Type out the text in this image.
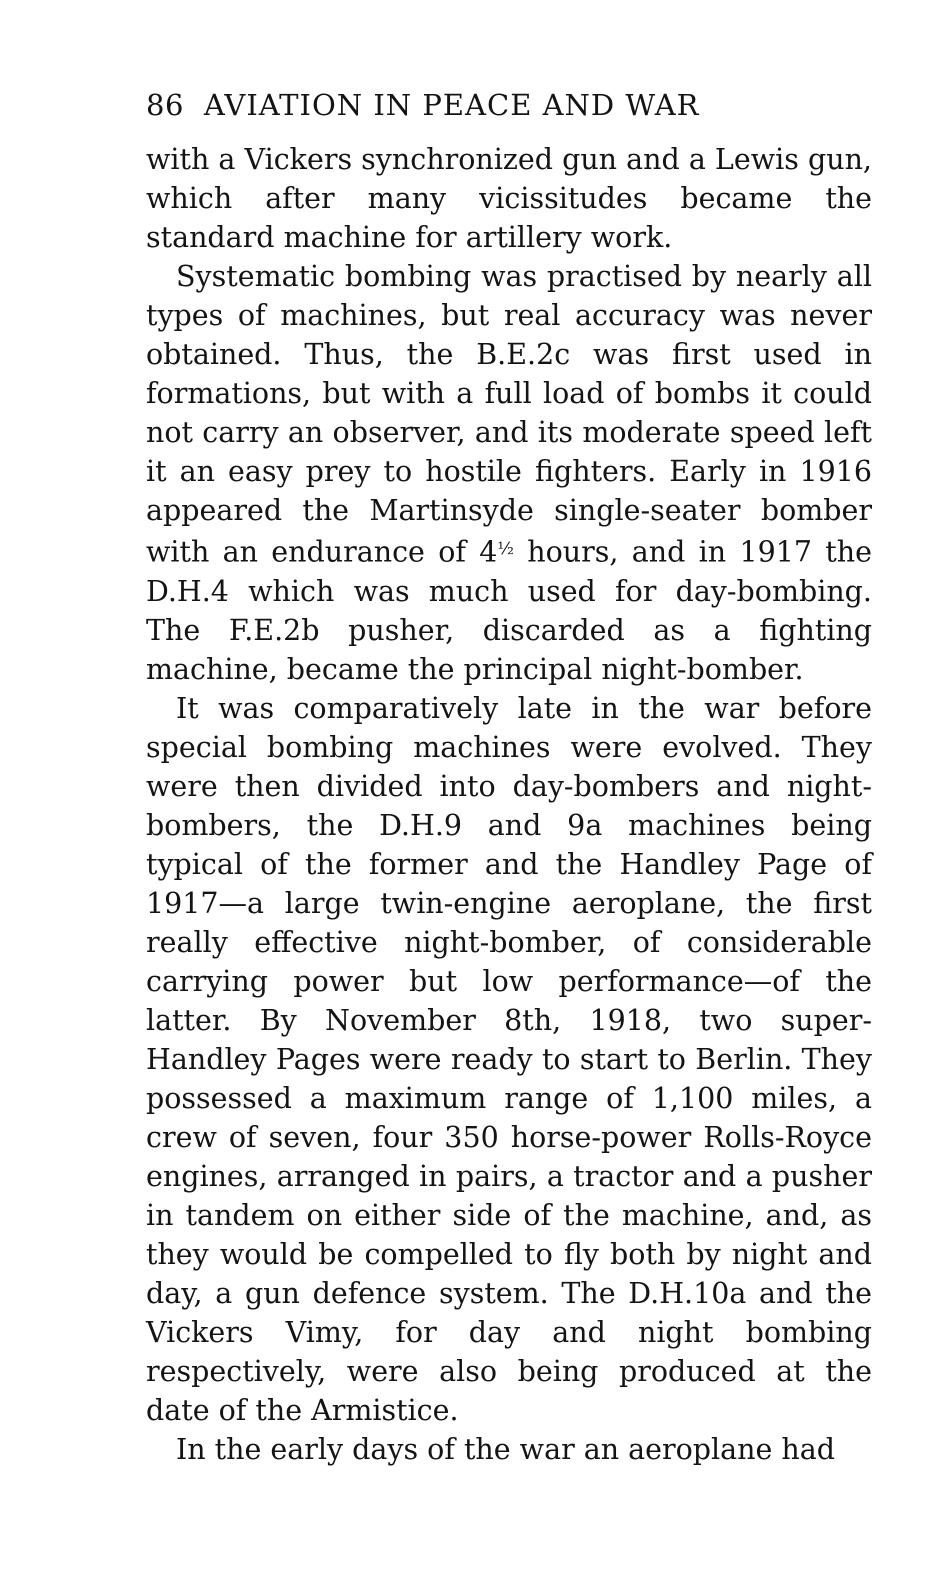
86 AVIATION IN PEACE AND WAR

with a Vickers synchronized gun and a Lewis gun, which after many vicissitudes became the standard machine for artillery work.

Systematic bombing was practised by nearly all types of machines, but real accuracy was never obtained. Thus, the B.E.2c was first used in formations, but with a full load of bombs it could not carry an observer, and its moderate speed left it an easy prey to hostile fighters. Early in 1916 appeared the Martinsyde single-seater bomber with an endurance of $4^{\frac{1}{2}}$ hours, and in 1917 the D.H.4 which was much used for day-bombing. The F.E.2b pusher, discarded as a fighting machine, became the principal night-bomber.

It was comparatively late in the war before special bombing machines were evolved. They were then divided into day-bombers and night-bombers, the D.H.9 and 9a machines being typical of the former and the Handley Page of 1917—a large twin-engine aeroplane, the first really effective night-bomber, of considerable carrying power but low performance—of the latter. By November 8th, 1918, two super-Handley Pages were ready to start to Berlin. They possessed a maximum range of 1,100 miles, a crew of seven, four 350 horse-power Rolls-Royce engines, arranged in pairs, a tractor and a pusher in tandem on either side of the machine, and, as they would be compelled to fly both by night and day, a gun defence system. The D.H.10a and the Vickers Vimy, for day and night bombing respectively, were also being produced at the date of the Armistice.

In the early days of the war an aeroplane had
